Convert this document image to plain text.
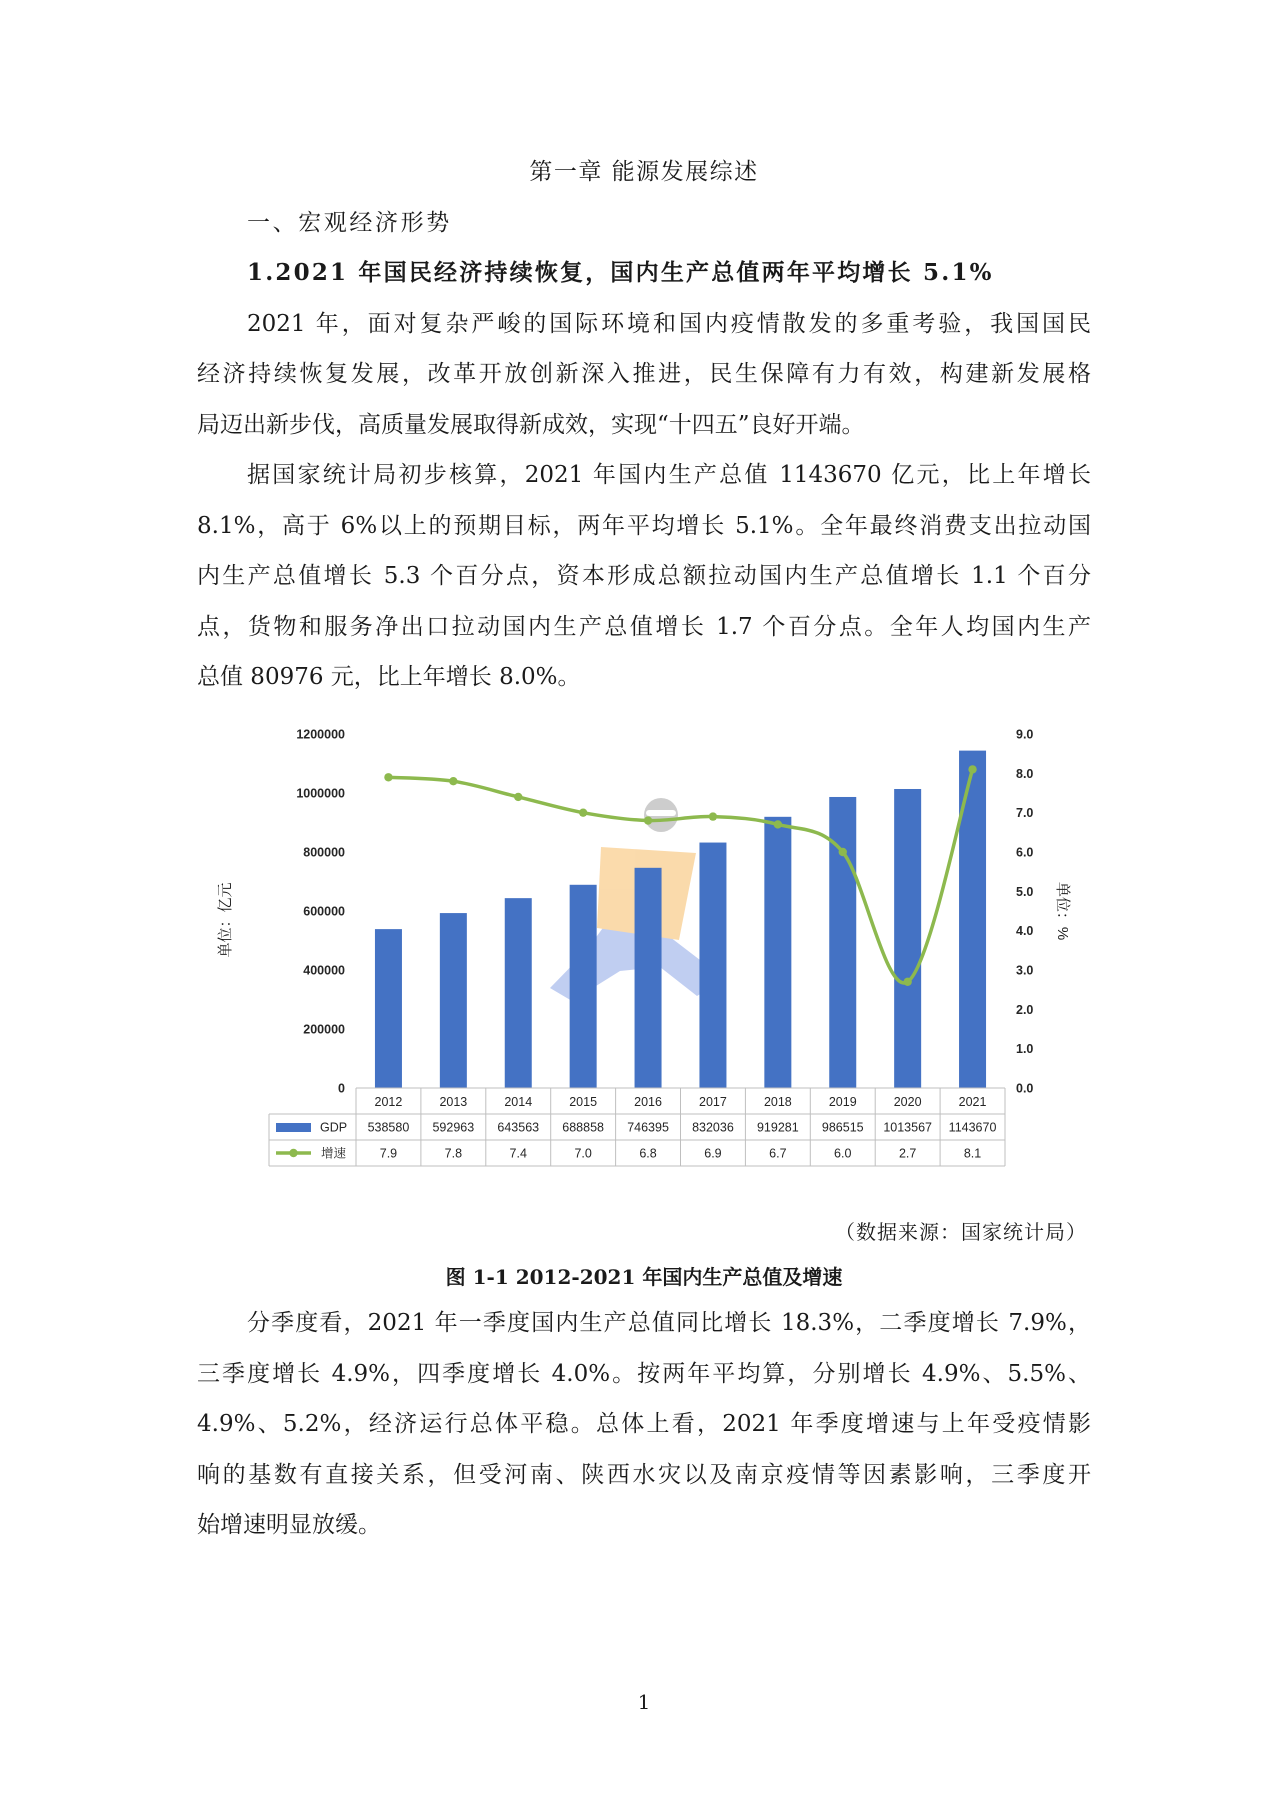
第一章 能源发展综述
一、宏观经济形势
1.2021 年国民经济持续恢复，国内生产总值两年平均增长 5.1%
2021 年，面对复杂严峻的国际环境和国内疫情散发的多重考验，我国国民
经济持续恢复发展，改革开放创新深入推进，民生保障有力有效，构建新发展格
局迈出新步伐，高质量发展取得新成效，实现“十四五”良好开端。
据国家统计局初步核算，2021 年国内生产总值 1143670 亿元，比上年增长
8.1%，高于 6%以上的预期目标，两年平均增长 5.1%。全年最终消费支出拉动国
内生产总值增长 5.3 个百分点，资本形成总额拉动国内生产总值增长 1.1 个百分
点，货物和服务净出口拉动国内生产总值增长 1.7 个百分点。全年人均国内生产
总值 80976 元，比上年增长 8.0%。
0
200000
400000
600000
800000
1000000
1200000
0.0
1.0
2.0
3.0
4.0
5.0
6.0
7.0
8.0
9.0
单位：亿元	单位：%
2012	2013	2014	2015	2016	2017	2018	2019	2020	2021
538580 592963 643563 688858 746395 832036 919281 986515 1013567 1143670
7.9	7.8	7.4	7.0	6.8	6.9	6.7	6.0	2.7	8.1
GDP
增速
（数据来源：国家统计局）
图 1-1 2012-2021 年国内生产总值及增速
分季度看，2021 年一季度国内生产总值同比增长 18.3%，二季度增长 7.9%，
三季度增长 4.9%，四季度增长 4.0%。按两年平均算，分别增长 4.9%、5.5%、
4.9%、5.2%，经济运行总体平稳。总体上看，2021 年季度增速与上年受疫情影
响的基数有直接关系，但受河南、陕西水灾以及南京疫情等因素影响，三季度开
始增速明显放缓。
1
